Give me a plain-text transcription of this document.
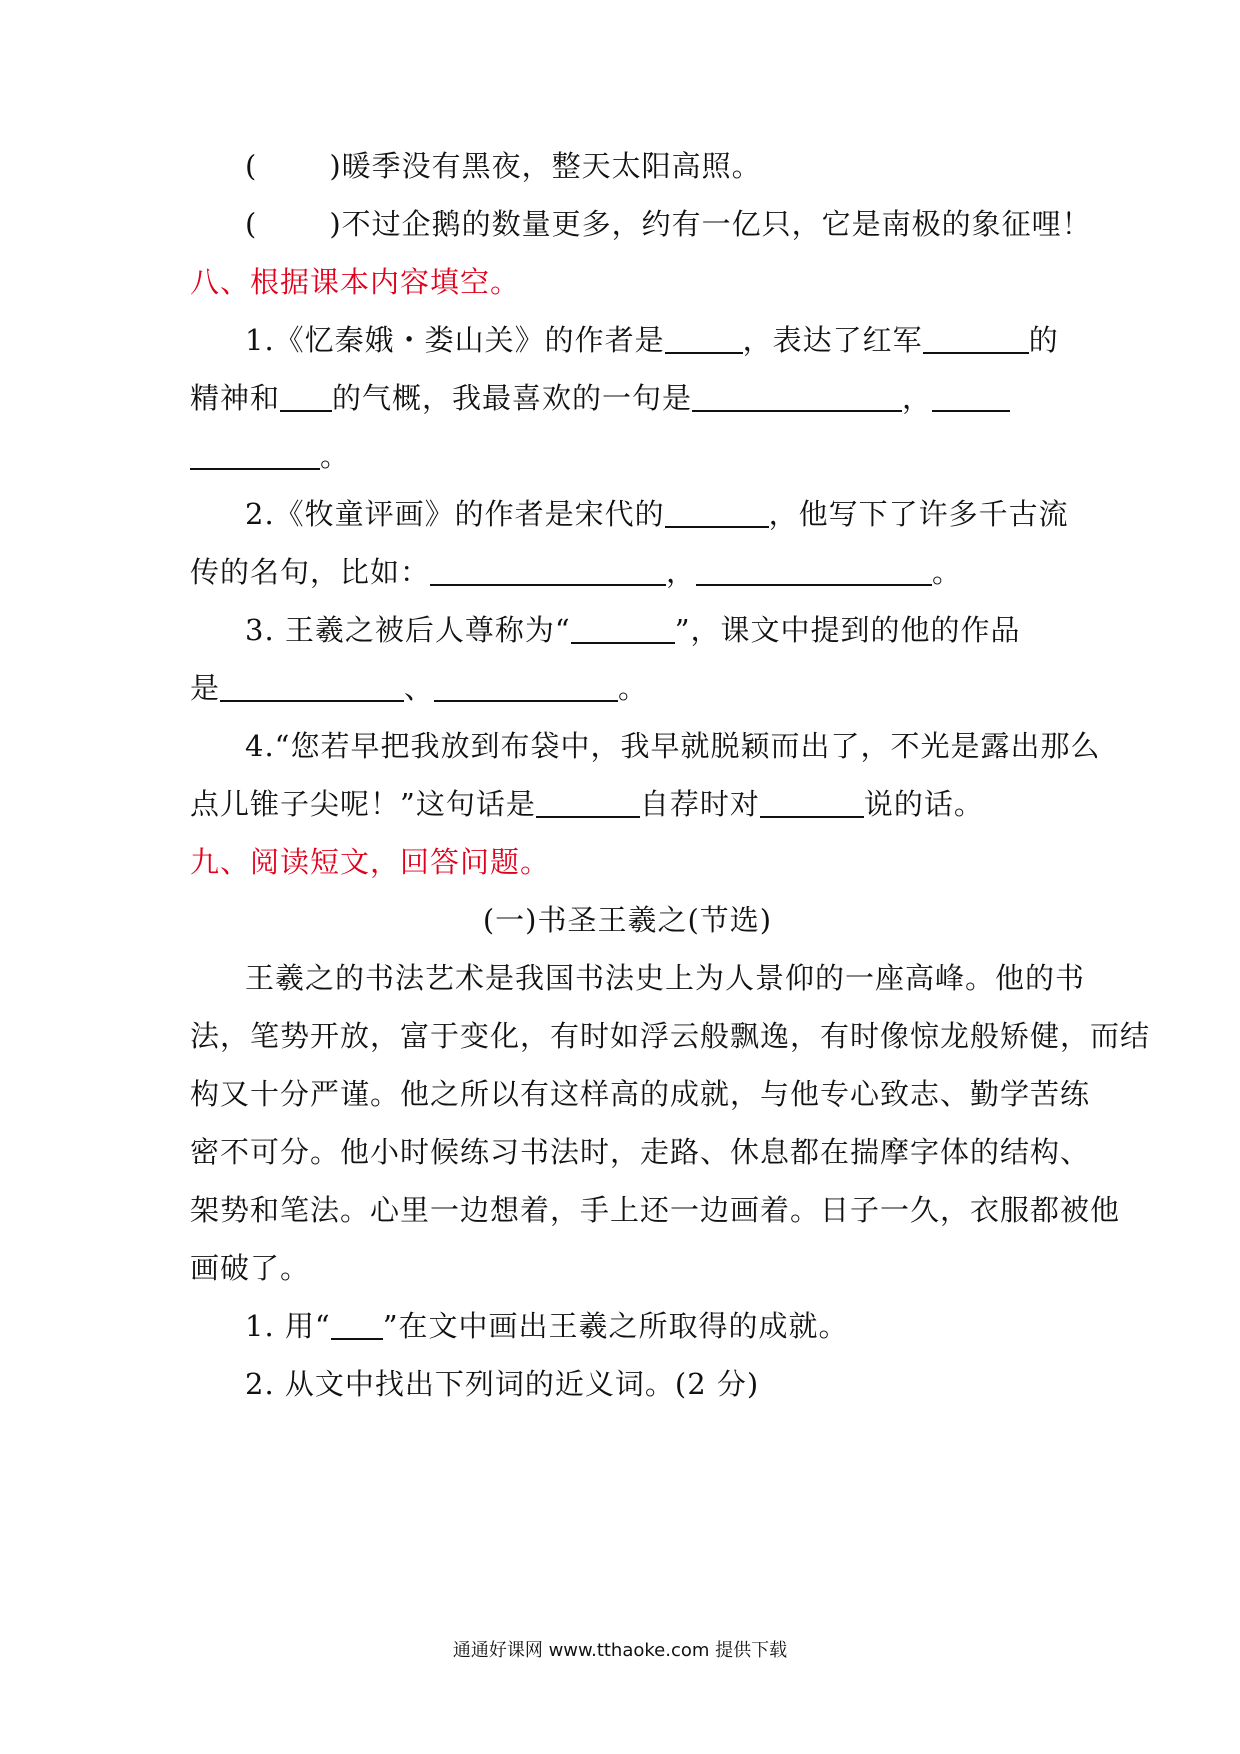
( )暖季没有黑夜，整天太阳高照。
( )不过企鹅的数量更多，约有一亿只，它是南极的象征哩！
八、根据课本内容填空。
1.《忆秦娥・娄山关》的作者是	，表达了红军	的
精神和 的气概，我最喜欢的一句是	，
。
2.《牧童评画》的作者是宋代的	，他写下了许多千古流
传的名句，比如：	，	。
3. 王羲之被后人尊称为“	”，课文中提到的他的作品
是	、	。
4.“您若早把我放到布袋中，我早就脱颖而出了，不光是露出那么
点儿锥子尖呢！”这句话是	自荐时对	说的话。
九、阅读短文，回答问题。
(一)书圣王羲之(节选)
王羲之的书法艺术是我国书法史上为人景仰的一座高峰。他的书
法，笔势开放，富于变化，有时如浮云般飘逸，有时像惊龙般矫健，而结
构又十分严谨。他之所以有这样高的成就，与他专心致志、勤学苦练
密不可分。他小时候练习书法时，走路、休息都在揣摩字体的结构、
架势和笔法。心里一边想着，手上还一边画着。日子一久，衣服都被他
画破了。
1. 用“ ”在文中画出王羲之所取得的成就。
2. 从文中找出下列词的近义词。(2 分)
通通好课网 www.tthaoke.com 提供下载
